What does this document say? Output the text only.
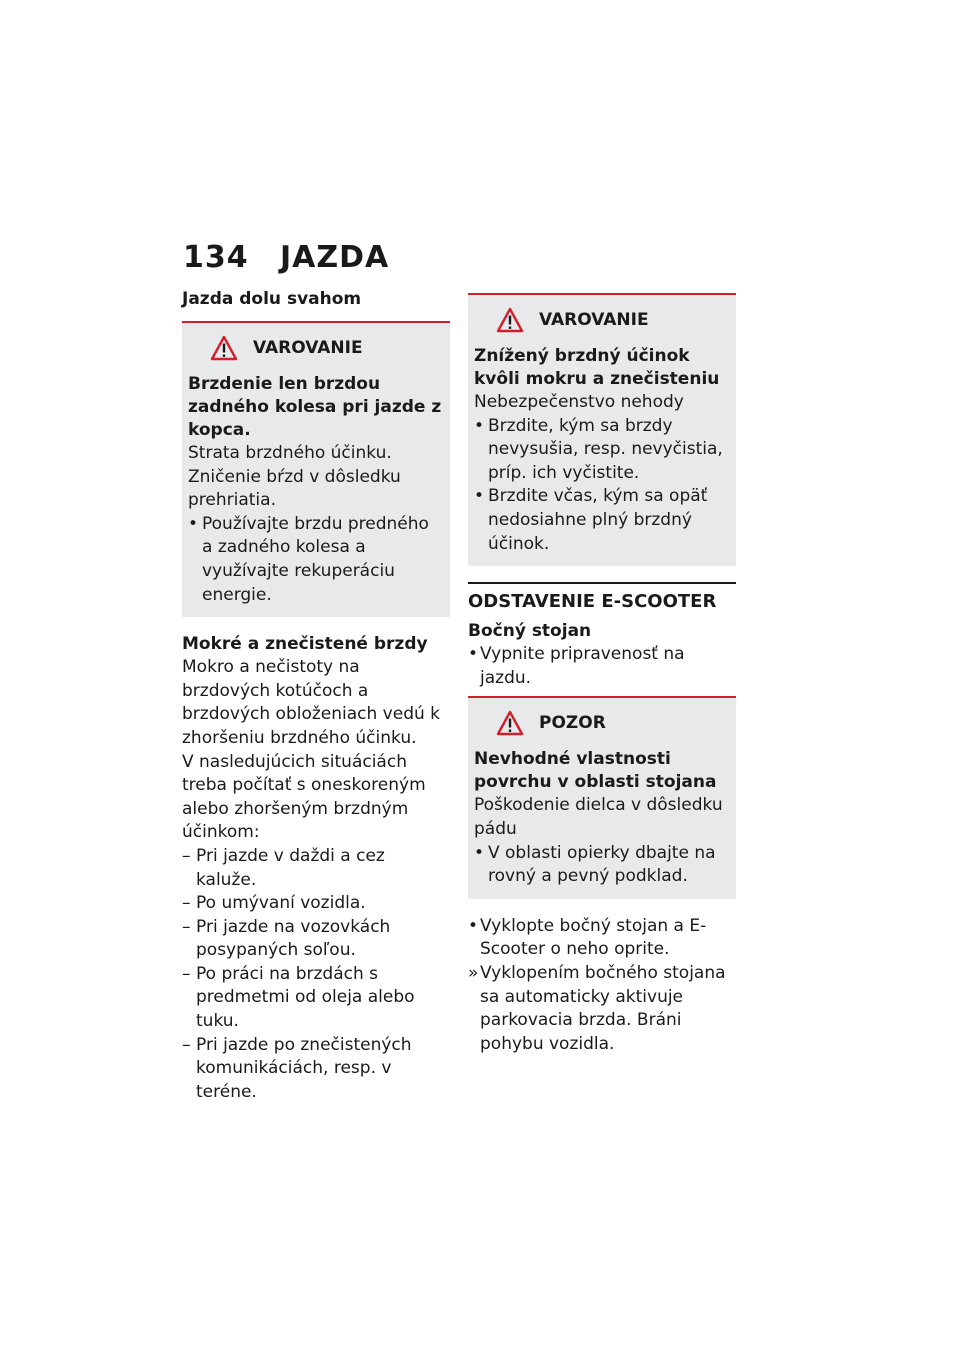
134 JAZDA
Jazda dolu svahom
VAROVANIE
Brzdenie len brzdou zadného kolesa pri jazde z kopca.
Strata brzdného účinku. Zničenie bŕzd v dôsledku prehriatia.
• Používajte brzdu predného a zadného kolesa a využívajte rekuperáciu energie.
Mokré a znečistené brzdy
Mokro a nečistoty na brzdových kotúčoch a brzdových obloženiach vedú k zhoršeniu brzdného účinku.
V nasledujúcich situáciách treba počítať s oneskoreným alebo zhoršeným brzdným účinkom:
– Pri jazde v daždi a cez kaluže.
– Po umývaní vozidla.
– Pri jazde na vozovkách posypaných soľou.
– Po práci na brzdách s predmetmi od oleja alebo tuku.
– Pri jazde po znečistených komunikáciách, resp. v teréne.
VAROVANIE
Znížený brzdný účinok kvôli mokru a znečisteniu
Nebezpečenstvo nehody
• Brzdite, kým sa brzdy nevysušia, resp. nevyčistia, príp. ich vyčistite.
• Brzdite včas, kým sa opäť nedosiahne plný brzdný účinok.
ODSTAVENIE E-SCOOTER
Bočný stojan
• Vypnite pripravenosť na jazdu.
POZOR
Nevhodné vlastnosti povrchu v oblasti stojana
Poškodenie dielca v dôsledku pádu
• V oblasti opierky dbajte na rovný a pevný podklad.
• Vyklopte bočný stojan a E-Scooter o neho oprite.
» Vyklopením bočného stojana sa automaticky aktivuje parkovacia brzda. Bráni pohybu vozidla.
